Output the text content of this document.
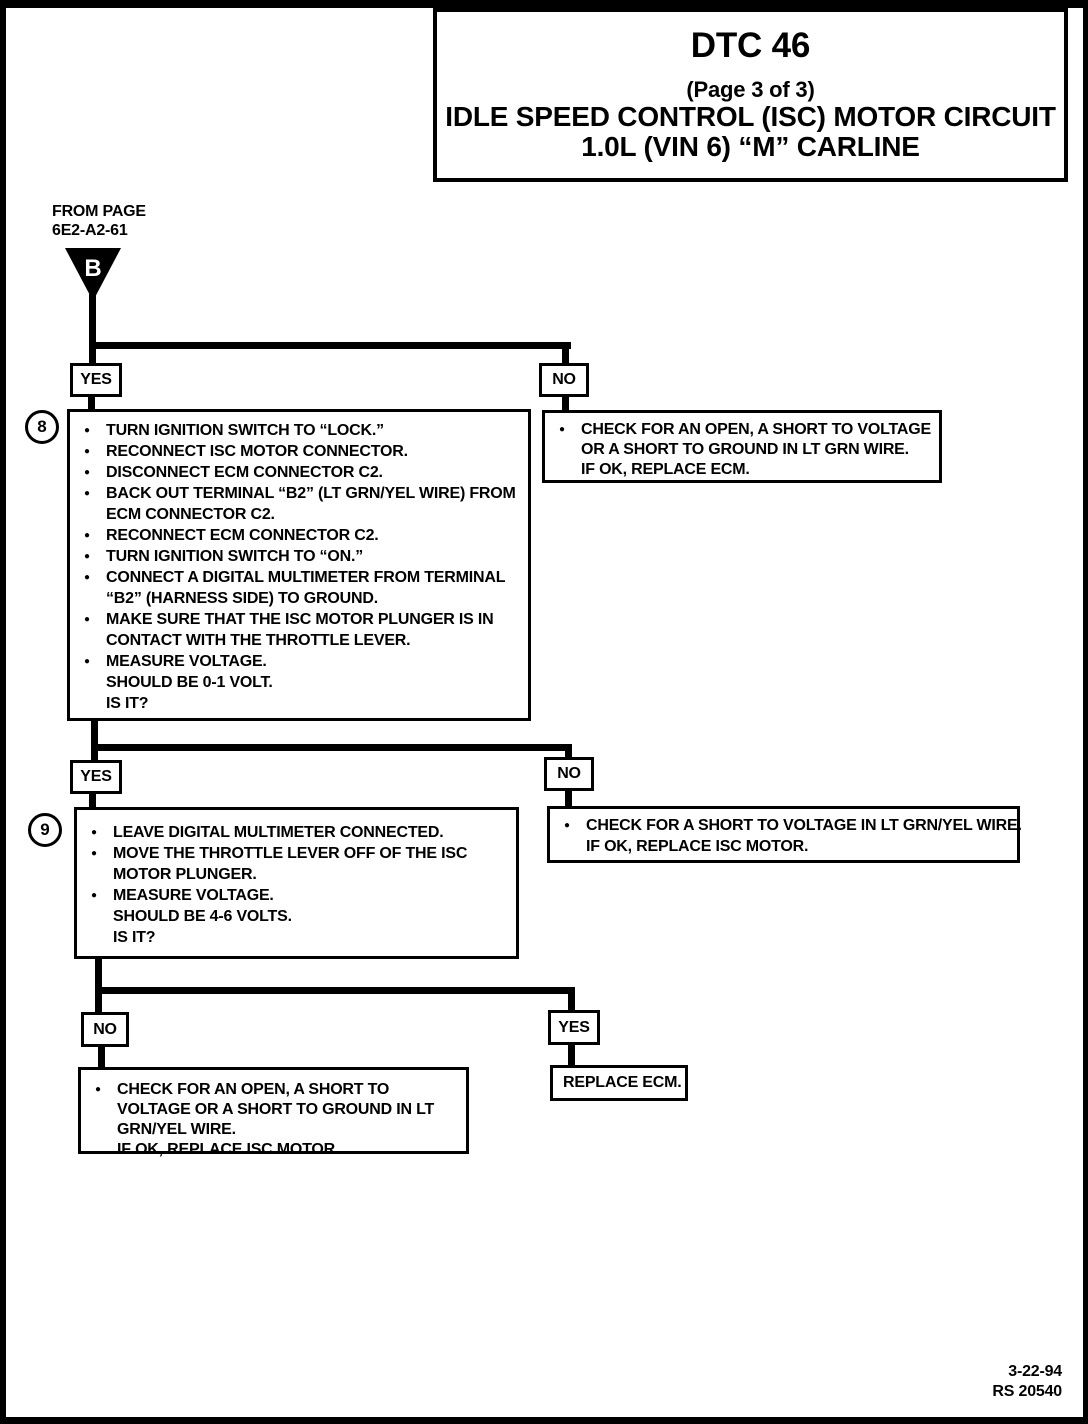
DTC 46
(Page 3 of 3)
IDLE SPEED CONTROL (ISC) MOTOR CIRCUIT
1.0L (VIN 6) “M” CARLINE
FROM PAGE
6E2-A2-61
B
YES	NO
8	●	TURN IGNITION SWITCH TO “LOCK.”
●	RECONNECT ISC MOTOR CONNECTOR.
●	DISCONNECT ECM CONNECTOR C2.
●	BACK OUT TERMINAL “B2” (LT GRN/YEL WIRE) FROM
ECM CONNECTOR C2.
●	RECONNECT ECM CONNECTOR C2.
●	TURN IGNITION SWITCH TO “ON.”
●	CONNECT A DIGITAL MULTIMETER FROM TERMINAL
“B2” (HARNESS SIDE) TO GROUND.
●	MAKE SURE THAT THE ISC MOTOR PLUNGER IS IN
CONTACT WITH THE THROTTLE LEVER.
●	MEASURE VOLTAGE.
SHOULD BE 0-1 VOLT.
IS IT?
●	CHECK FOR AN OPEN, A SHORT TO VOLTAGE
OR A SHORT TO GROUND IN LT GRN WIRE.
IF OK, REPLACE ECM.
YES	NO
9	●	LEAVE DIGITAL MULTIMETER CONNECTED.
●	MOVE THE THROTTLE LEVER OFF OF THE ISC
MOTOR PLUNGER.
●	MEASURE VOLTAGE.
SHOULD BE 4-6 VOLTS.
IS IT?
●	CHECK FOR A SHORT TO VOLTAGE IN LT GRN/YEL WIRE.
IF OK, REPLACE ISC MOTOR.
NO	YES
●	CHECK FOR AN OPEN, A SHORT TO
VOLTAGE OR A SHORT TO GROUND IN LT
GRN/YEL WIRE.
IF OK, REPLACE ISC MOTOR.
REPLACE ECM.
3-22-94
RS 20540
